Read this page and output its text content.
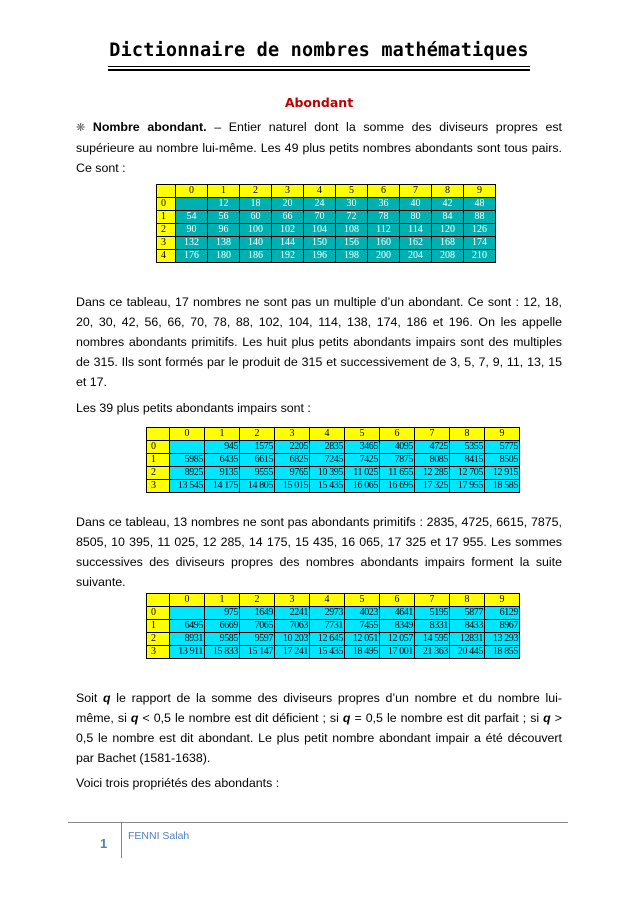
Dictionnaire de nombres mathématiques
Abondant
❋ Nombre abondant. – Entier naturel dont la somme des diviseurs propres est supérieure au nombre lui-même. Les 49 plus petits nombres abondants sont tous pairs. Ce sont :
	0	1	2	3	4	5	6	7	8	9
0		12	18	20	24	30	36	40	42	48
1	54	56	60	66	70	72	78	80	84	88
2	90	96	100	102	104	108	112	114	120	126
3	132	138	140	144	150	156	160	162	168	174
4	176	180	186	192	196	198	200	204	208	210
Dans ce tableau, 17 nombres ne sont pas un multiple d’un abondant. Ce sont : 12, 18, 20, 30, 42, 56, 66, 70, 78, 88, 102, 104, 114, 138, 174, 186 et 196. On les appelle nombres abondants primitifs. Les huit plus petits abondants impairs sont des multiples de 315. Ils sont formés par le produit de 315 et successivement de 3, 5, 7, 9, 11, 13, 15 et 17.
Les 39 plus petits abondants impairs sont :
	0	1	2	3	4	5	6	7	8	9
0		945	1575	2205	2835	3465	4095	4725	5355	5775
1	5985	6435	6615	6825	7245	7425	7875	8085	8415	8505
2	8925	9135	9555	9765	10 395	11 025	11 655	12 285	12 705	12 915
3	13 545	14 175	14 805	15 015	15 435	16 065	16 695	17 325	17 955	18 585
Dans ce tableau, 13 nombres ne sont pas abondants primitifs : 2835, 4725, 6615, 7875, 8505, 10 395, 11 025, 12 285, 14 175, 15 435, 16 065, 17 325 et 17 955. Les sommes successives des diviseurs propres des nombres abondants impairs forment la suite suivante.
	0	1	2	3	4	5	6	7	8	9
0		975	1649	2241	2973	4023	4641	5195	5877	6129
1	6495	6669	7065	7063	7731	7455	8349	8331	8433	8967
2	8931	9585	9597	10 203	12 645	12 051	12 057	14 595	12831	13 293
3	13 911	15 833	15 147	17 241	15 435	18 495	17 001	21 363	20 445	18 855
Soit q le rapport de la somme des diviseurs propres d’un nombre et du nombre lui-même, si q < 0,5 le nombre est dit déficient ; si q = 0,5 le nombre est dit parfait ; si q > 0,5 le nombre est dit abondant. Le plus petit nombre abondant impair a été découvert par Bachet (1581-1638).
Voici trois propriétés des abondants :
1 FENNI Salah
